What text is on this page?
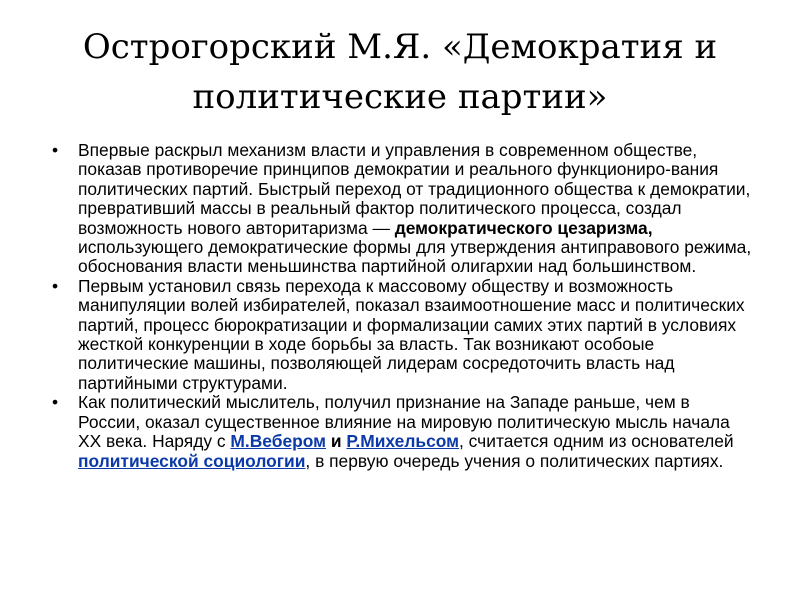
Острогорский М.Я. «Демократия и политические партии»
•	Впервые раскрыл механизм власти и управления в современном обществе, показав противоречие принципов демократии и реального функциониро-вания политических партий. Быстрый переход от традиционного общества к демократии, превративший массы в реальный фактор политического процесса, создал возможность нового авторитаризма — демократического цезаризма, использующего демократические формы для утверждения антиправового режима, обоснования власти меньшинства партийной олигархии над большинством.
•	Первым установил связь перехода к массовому обществу и возможность манипуляции волей избирателей, показал взаимоотношение масс и политических партий, процесс бюрократизации и формализации самих этих партий в условиях жесткой конкуренции в ходе борьбы за власть. Так возникают особоые политические машины, позволяющей лидерам сосредоточить власть над партийными структурами.
•	Как политический мыслитель, получил признание на Западе раньше, чем в России, оказал существенное влияние на мировую политическую мысль начала XX века. Наряду с М.Вебером и Р.Михельсом, считается одним из основателей политической социологии, в первую очередь учения о политических партиях.
